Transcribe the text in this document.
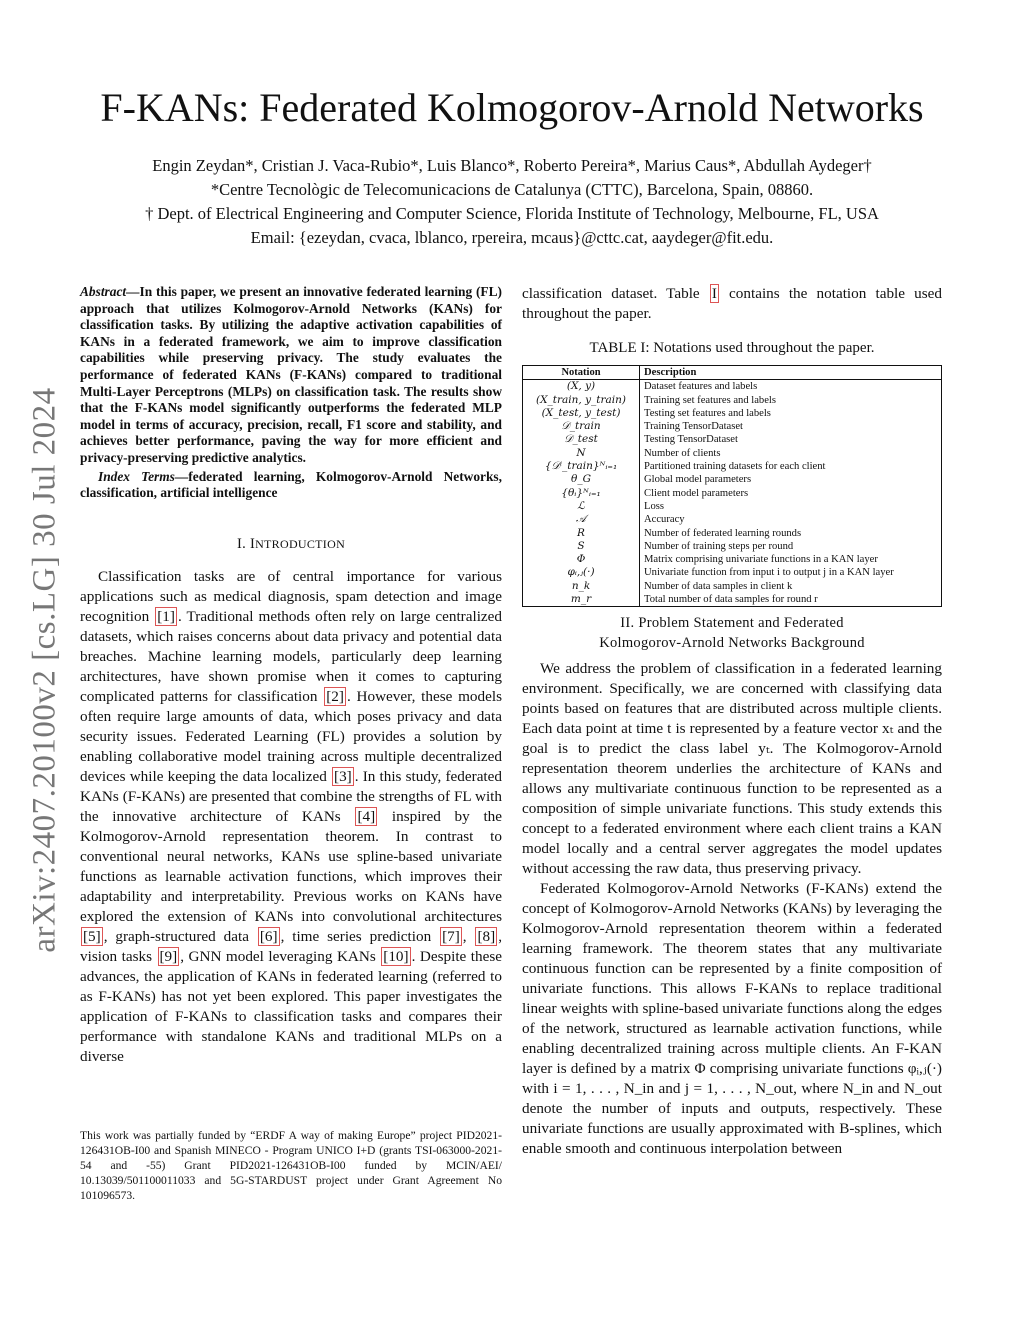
arXiv:2407.20100v2 [cs.LG] 30 Jul 2024
F-KANs: Federated Kolmogorov-Arnold Networks
Engin Zeydan*, Cristian J. Vaca-Rubio*, Luis Blanco*, Roberto Pereira*, Marius Caus*, Abdullah Aydeger†
*Centre Tecnològic de Telecomunicacions de Catalunya (CTTC), Barcelona, Spain, 08860.
† Dept. of Electrical Engineering and Computer Science, Florida Institute of Technology, Melbourne, FL, USA
Email: {ezeydan, cvaca, lblanco, rpereira, mcaus}@cttc.cat, aaydeger@fit.edu.

Abstract—In this paper, we present an innovative federated learning (FL) approach that utilizes Kolmogorov-Arnold Networks (KANs) for classification tasks. By utilizing the adaptive activation capabilities of KANs in a federated framework, we aim to improve classification capabilities while preserving privacy. The study evaluates the performance of federated KANs (F-KANs) compared to traditional Multi-Layer Perceptrons (MLPs) on classification task. The results show that the F-KANs model significantly outperforms the federated MLP model in terms of accuracy, precision, recall, F1 score and stability, and achieves better performance, paving the way for more efficient and privacy-preserving predictive analytics.

Index Terms—federated learning, Kolmogorov-Arnold Networks, classification, artificial intelligence

I. INTRODUCTION

Classification tasks are of central importance for various applications such as medical diagnosis, spam detection and image recognition [1] . Traditional methods often rely on large centralized datasets, which raises concerns about data privacy and potential data breaches. Machine learning models, particularly deep learning architectures, have shown promise when it comes to capturing complicated patterns for classification [2] . However, these models often require large amounts of data, which poses privacy and data security issues. Federated Learning (FL) provides a solution by enabling collaborative model training across multiple decentralized devices while keeping the data localized [3] . In this study, federated KANs (F-KANs) are presented that combine the strengths of FL with the innovative architecture of KANs [4] inspired by the Kolmogorov-Arnold representation theorem. In contrast to conventional neural networks, KANs use spline-based univariate functions as learnable activation functions, which improves their adaptability and interpretability. Previous works on KANs have explored the extension of KANs into convolutional architectures [5] , graph-structured data [6] , time series prediction [7] , [8] , vision tasks [9] , GNN model leveraging KANs [10] . Despite these advances, the application of KANs in federated learning (referred to as F-KANs) has not yet been explored. This paper investigates the application of F-KANs to classification tasks and compares their performance with standalone KANs and traditional MLPs on a diverse

This work was partially funded by “ERDF A way of making Europe” project PID2021-126431OB-I00 and Spanish MINECO - Program UNICO I+D (grants TSI-063000-2021-54 and -55) Grant PID2021-126431OB-I00 funded by MCIN/AEI/ 10.13039/501100011033 and 5G-STARDUST project under Grant Agreement No 101096573.

classification dataset. Table I contains the notation table used throughout the paper.

TABLE I: Notations used throughout the paper.
Notation	Description
(X, y)	Dataset features and labels
(X_train, y_train)	Training set features and labels
(X_test, y_test)	Testing set features and labels
𝒟_train	Training TensorDataset
𝒟_test	Testing TensorDataset
N	Number of clients
{𝒟ⁱ_train}ᴺᵢ₌₁	Partitioned training datasets for each client
θ_G	Global model parameters
{θᵢ}ᴺᵢ₌₁	Client model parameters
ℒ	Loss
𝒜	Accuracy
R	Number of federated learning rounds
S	Number of training steps per round
Φ	Matrix comprising univariate functions in a KAN layer
φᵢ,ⱼ(·)	Univariate function from input i to output j in a KAN layer
n_k	Number of data samples in client k
m_r	Total number of data samples for round r
II. Problem Statement and Federated
Kolmogorov-Arnold Networks Background

We address the problem of classification in a federated learning environment. Specifically, we are concerned with classifying data points based on features that are distributed across multiple clients. Each data point at time t is represented by a feature vector xₜ and the goal is to predict the class label yₜ. The Kolmogorov-Arnold representation theorem underlies the architecture of KANs and allows any multivariate continuous function to be represented as a composition of simple univariate functions. This study extends this concept to a federated environment where each client trains a KAN model locally and a central server aggregates the model updates without accessing the raw data, thus preserving privacy.

Federated Kolmogorov-Arnold Networks (F-KANs) extend the concept of Kolmogorov-Arnold Networks (KANs) by leveraging the Kolmogorov-Arnold representation theorem within a federated learning framework. The theorem states that any multivariate continuous function can be represented by a finite composition of univariate functions. This allows F-KANs to replace traditional linear weights with spline-based univariate functions along the edges of the network, structured as learnable activation functions, while enabling decentralized training across multiple clients. An F-KAN layer is defined by a matrix Φ comprising univariate functions φᵢ,ⱼ(·) with i = 1, . . . , N_in and j = 1, . . . , N_out, where N_in and N_out denote the number of inputs and outputs, respectively. These univariate functions are usually approximated with B-splines, which enable smooth and continuous interpolation between
